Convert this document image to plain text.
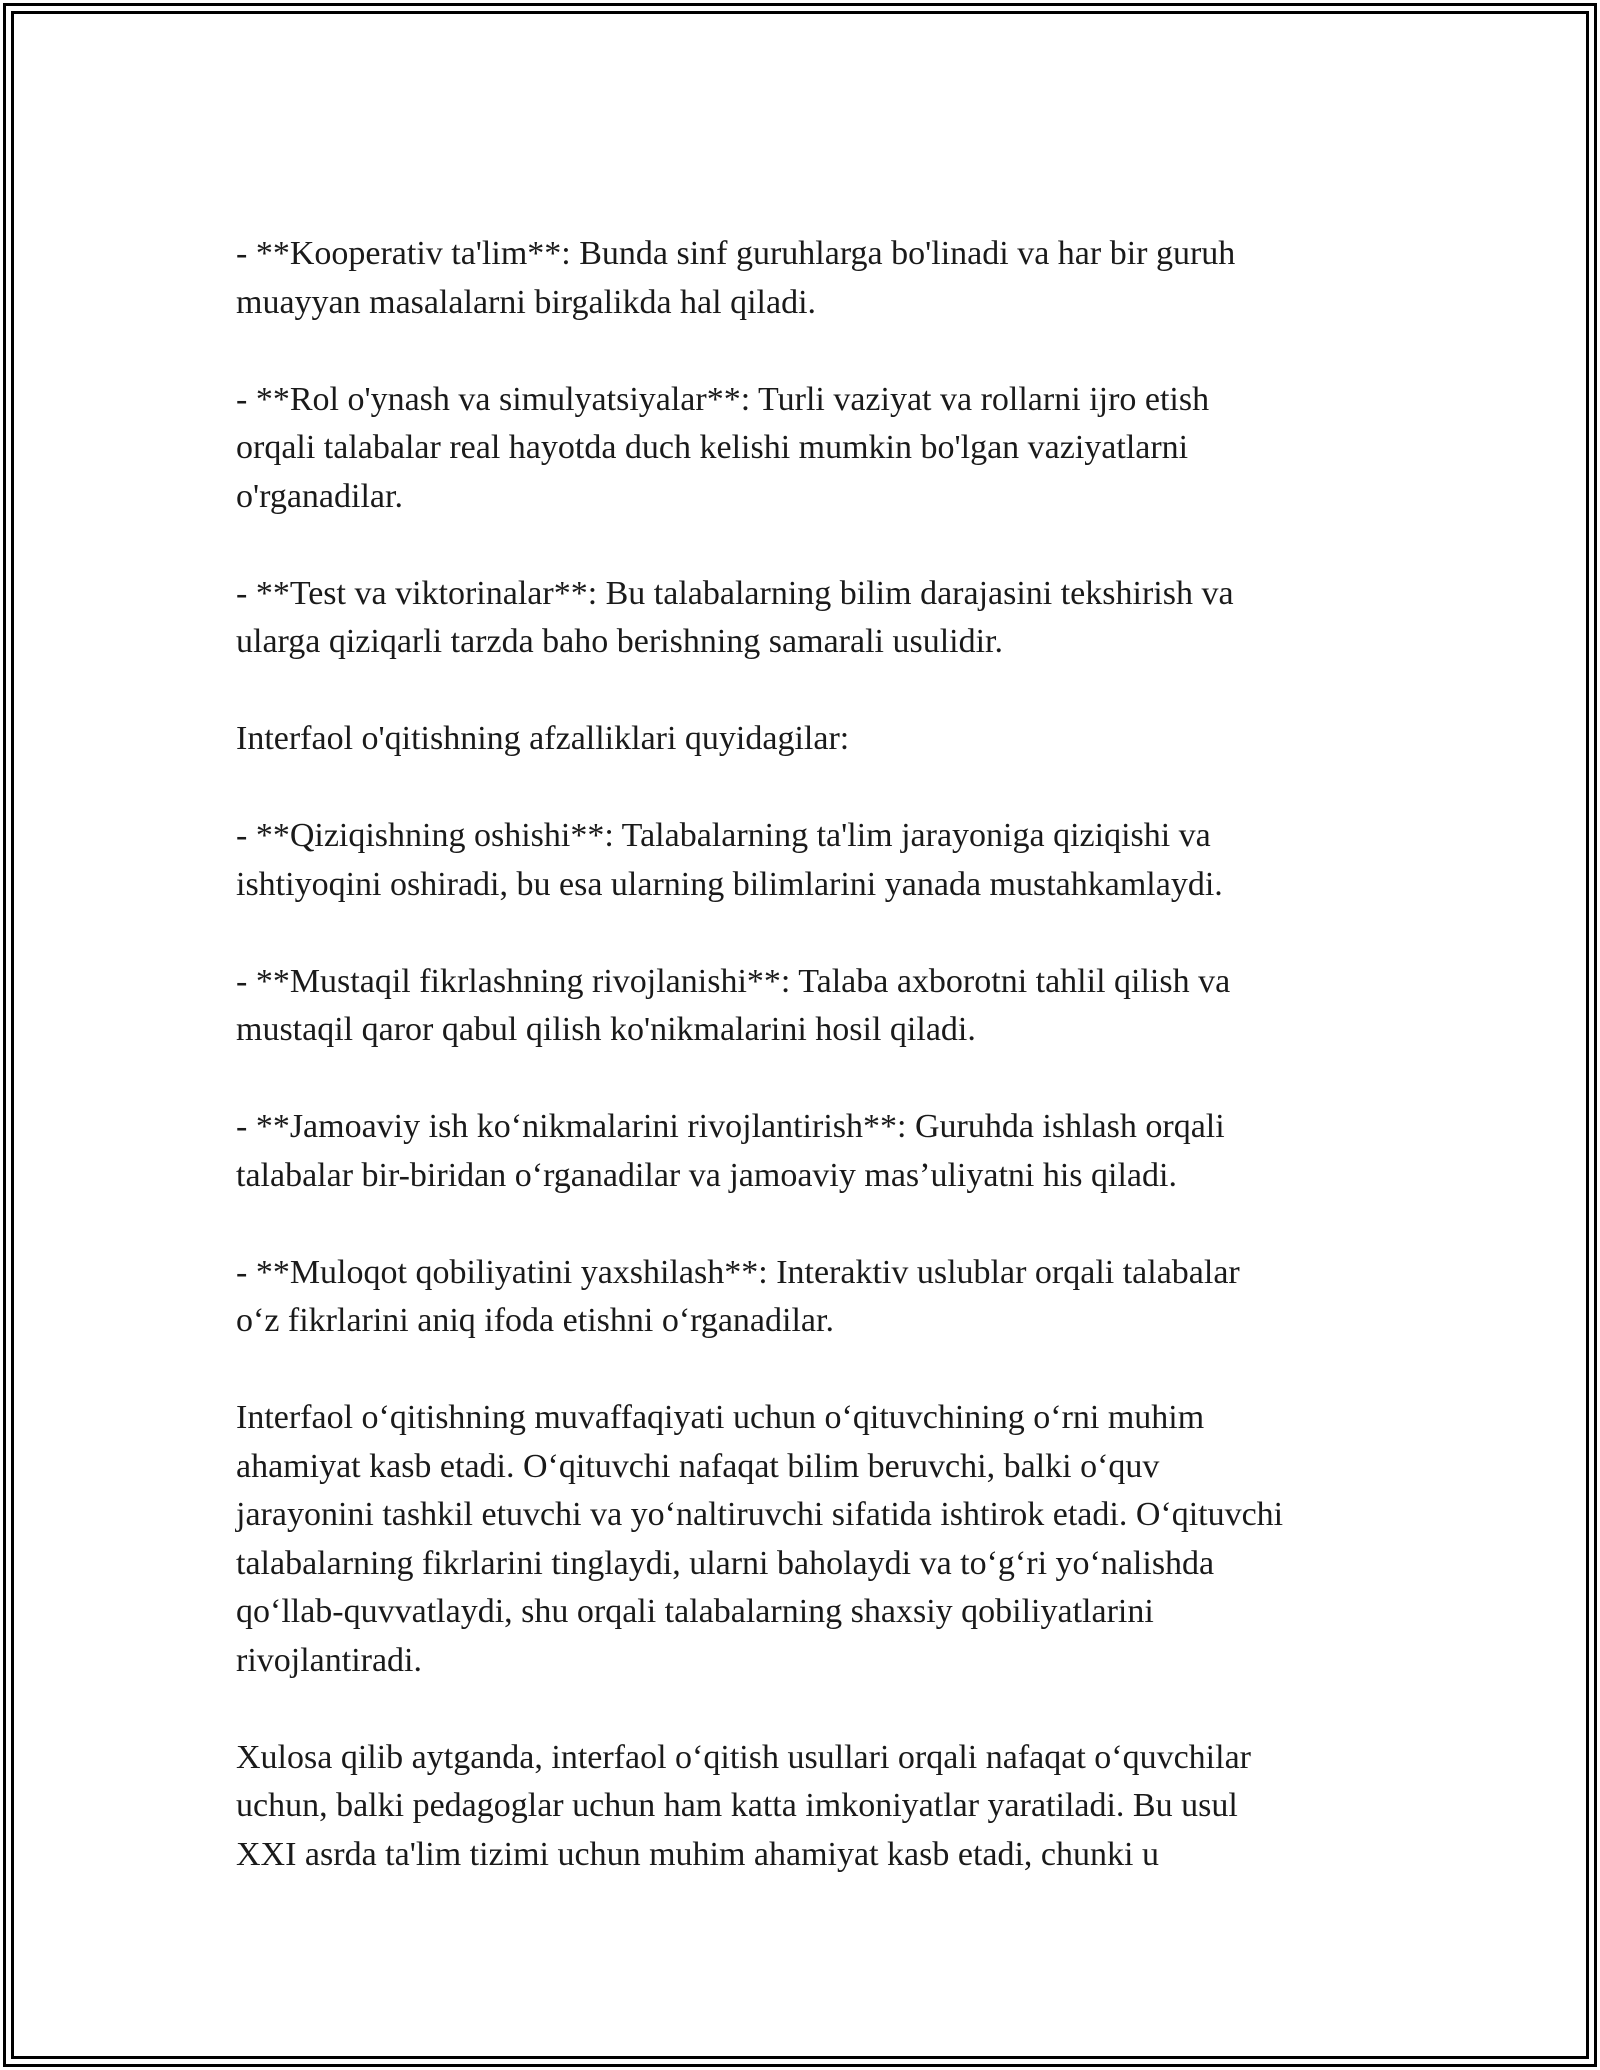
- **Kooperativ ta'lim**: Bunda sinf guruhlarga bo'linadi va har bir guruh
muayyan masalalarni birgalikda hal qiladi.

- **Rol o'ynash va simulyatsiyalar**: Turli vaziyat va rollarni ijro etish
orqali talabalar real hayotda duch kelishi mumkin bo'lgan vaziyatlarni
o'rganadilar.

- **Test va viktorinalar**: Bu talabalarning bilim darajasini tekshirish va
ularga qiziqarli tarzda baho berishning samarali usulidir.

Interfaol o'qitishning afzalliklari quyidagilar:

- **Qiziqishning oshishi**: Talabalarning ta'lim jarayoniga qiziqishi va
ishtiyoqini oshiradi, bu esa ularning bilimlarini yanada mustahkamlaydi.

- **Mustaqil fikrlashning rivojlanishi**: Talaba axborotni tahlil qilish va
mustaqil qaror qabul qilish ko'nikmalarini hosil qiladi.

- **Jamoaviy ish koʻnikmalarini rivojlantirish**: Guruhda ishlash orqali
talabalar bir-biridan oʻrganadilar va jamoaviy masʼuliyatni his qiladi.

- **Muloqot qobiliyatini yaxshilash**: Interaktiv uslublar orqali talabalar
oʻz fikrlarini aniq ifoda etishni oʻrganadilar.

Interfaol oʻqitishning muvaffaqiyati uchun oʻqituvchining oʻrni muhim
ahamiyat kasb etadi. Oʻqituvchi nafaqat bilim beruvchi, balki oʻquv
jarayonini tashkil etuvchi va yoʻnaltiruvchi sifatida ishtirok etadi. Oʻqituvchi
talabalarning fikrlarini tinglaydi, ularni baholaydi va toʻgʻri yoʻnalishda
qoʻllab-quvvatlaydi, shu orqali talabalarning shaxsiy qobiliyatlarini
rivojlantiradi.

Xulosa qilib aytganda, interfaol oʻqitish usullari orqali nafaqat oʻquvchilar
uchun, balki pedagoglar uchun ham katta imkoniyatlar yaratiladi. Bu usul
XXI asrda ta'lim tizimi uchun muhim ahamiyat kasb etadi, chunki u
